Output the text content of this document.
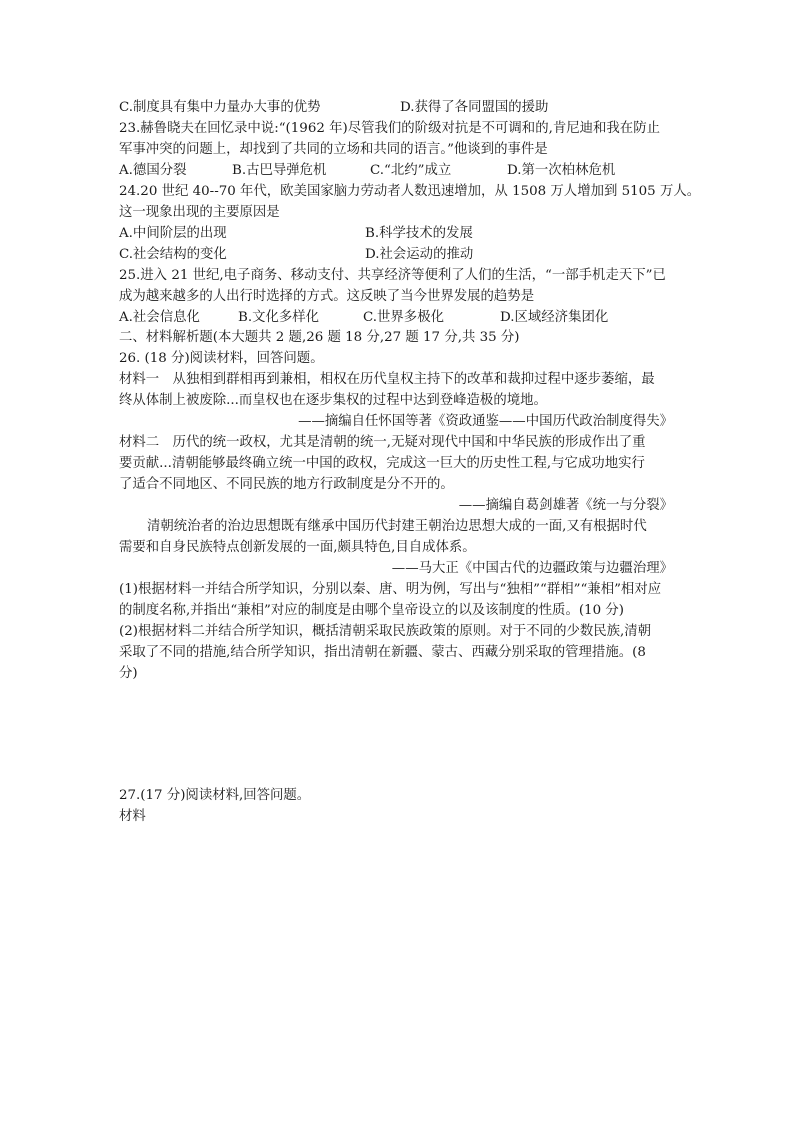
C.制度具有集中力量办大事的优势	D.获得了各同盟国的援助
23.赫鲁晓夫在回忆录中说:“(1962 年)尽管我们的阶级对抗是不可调和的,肯尼迪和我在防止
军事冲突的问题上，却找到了共同的立场和共同的语言。”他谈到的事件是
A.德国分裂	B.古巴导弹危机	C.“北约”成立	D.第一次柏林危机
24.20 世纪 40--70 年代，欧美国家脑力劳动者人数迅速增加，从 1508 万人增加到 5105 万人。
这一现象出现的主要原因是
A.中间阶层的出现	B.科学技术的发展
C.社会结构的变化	D.社会运动的推动
25.进入 21 世纪,电子商务、移动支付、共享经济等便利了人们的生活，“一部手机走天下”已
成为越来越多的人出行时选择的方式。这反映了当今世界发展的趋势是
A.社会信息化	B.文化多样化	C.世界多极化	D.区域经济集团化
二、材料解析题(本大题共 2 题,26 题 18 分,27 题 17 分,共 35 分)
26. (18 分)阅读材料，回答问题。
材料一　从独相到群相再到兼相，相权在历代皇权主持下的改革和裁抑过程中逐步萎缩，最
终从体制上被废除...而皇权也在逐步集权的过程中达到登峰造极的境地。
——摘编自任怀国等著《资政通鉴——中国历代政治制度得失》
材料二　历代的统一政权，尤其是清朝的统一,无疑对现代中国和中华民族的形成作出了重
要贡献...清朝能够最终确立统一中国的政权，完成这一巨大的历史性工程,与它成功地实行
了适合不同地区、不同民族的地方行政制度是分不开的。
——摘编自葛剑雄著《统一与分裂》
清朝统治者的治边思想既有继承中国历代封建王朝治边思想大成的一面,又有根据时代
需要和自身民族特点创新发展的一面,颇具特色,目自成体系。
——马大正《中国古代的边疆政策与边疆治理》
(1)根据材料一并结合所学知识，分别以秦、唐、明为例，写出与“独相”“群相”“兼相”相对应
的制度名称,并指出“兼相”对应的制度是由哪个皇帝设立的以及该制度的性质。(10 分)
(2)根据材料二并结合所学知识，概括清朝采取民族政策的原则。对于不同的少数民族,清朝
采取了不同的措施,结合所学知识，指出清朝在新疆、蒙古、西藏分别采取的管理措施。(8
分)
27.(17 分)阅读材料,回答问题。
材料
